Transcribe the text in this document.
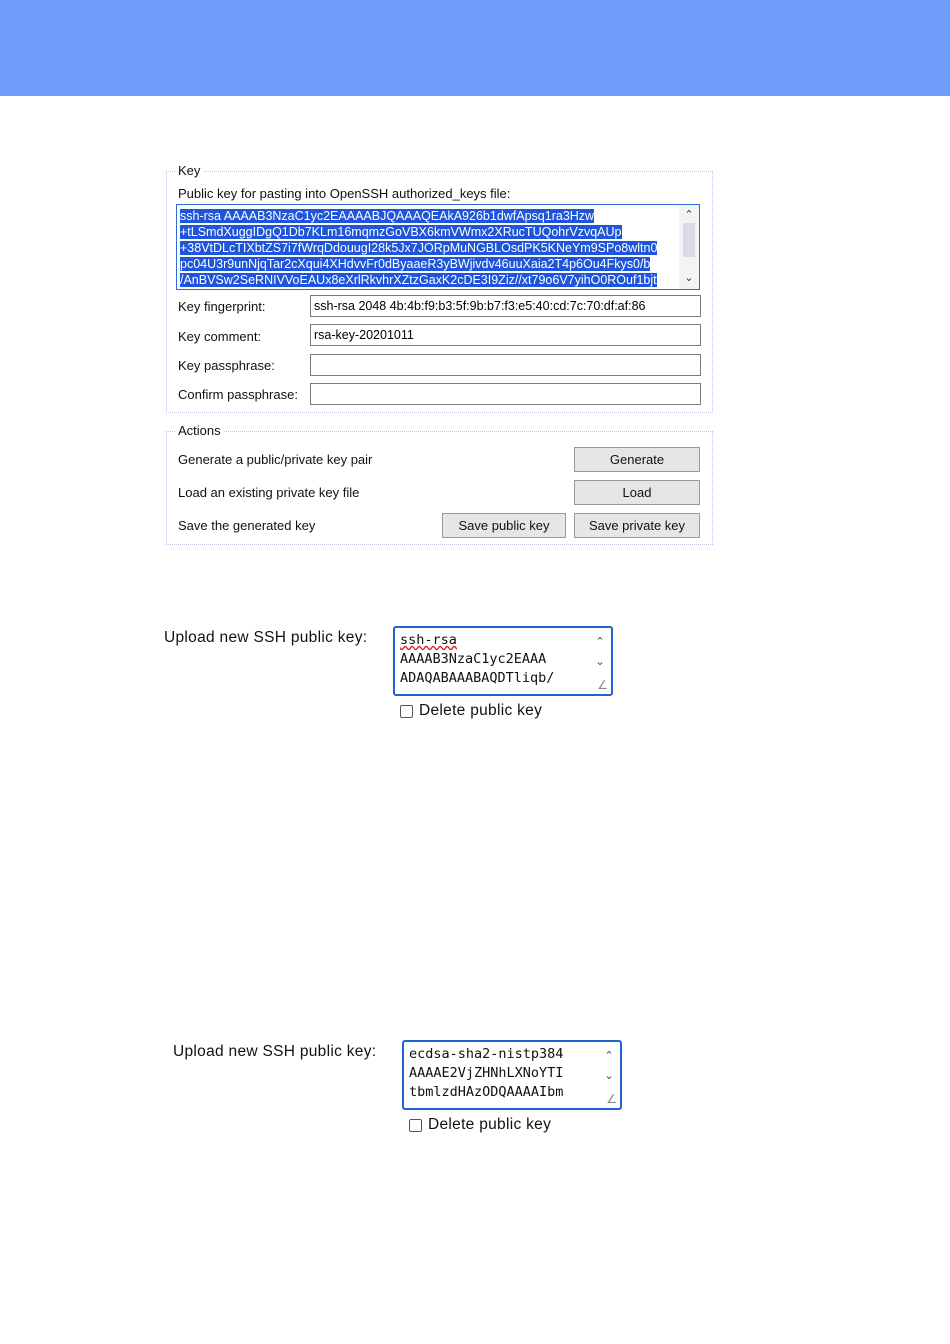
Key
Public key for pasting into OpenSSH authorized_keys file:
ssh-rsa AAAAB3NzaC1yc2EAAAABJQAAAQEAkA926b1dwfApsq1ra3Hzw
+tLSmdXuggIDgQ1Db7KLm16mqmzGoVBX6kmVWmx2XRucTUQohrVzvqAUp
+38VtDLcTIXbtZS7i7fWrqDdouugI28k5Jx7JORpMuNGBLOsdPK5KNeYm9SPo8wltn0
pc04U3r9unNjqTar2cXqui4XHdvvFr0dByaaeR3yBWjivdv46uuXaia2T4p6Ou4Fkys0/b
/AnBVSw2SeRNIVVoEAUx8eXrlRkvhrXZtzGaxK2cDE3I9Ziz//xt79o6V7yihO0ROuf1bjt
⌃
⌄
Key fingerprint:	ssh-rsa 2048 4b:4b:f9:b3:5f:9b:b7:f3:e5:40:cd:7c:70:df:af:86
Key comment:	rsa-key-20201011
Key passphrase:
Confirm passphrase:
Actions
Generate a public/private key pair	Generate
Load an existing private key file	Load
Save the generated key	Save public key	Save private key
Upload new SSH public key: ssh-rsa
AAAAB3NzaC1yc2EAAA
ADAQABAAABAQDTliqb/
⌃
⌄
∠
Delete public key
Upload new SSH public key: ecdsa-sha2-nistp384
AAAAE2VjZHNhLXNoYTI
tbmlzdHAzODQAAAAIbm
⌃
⌄
∠
Delete public key
